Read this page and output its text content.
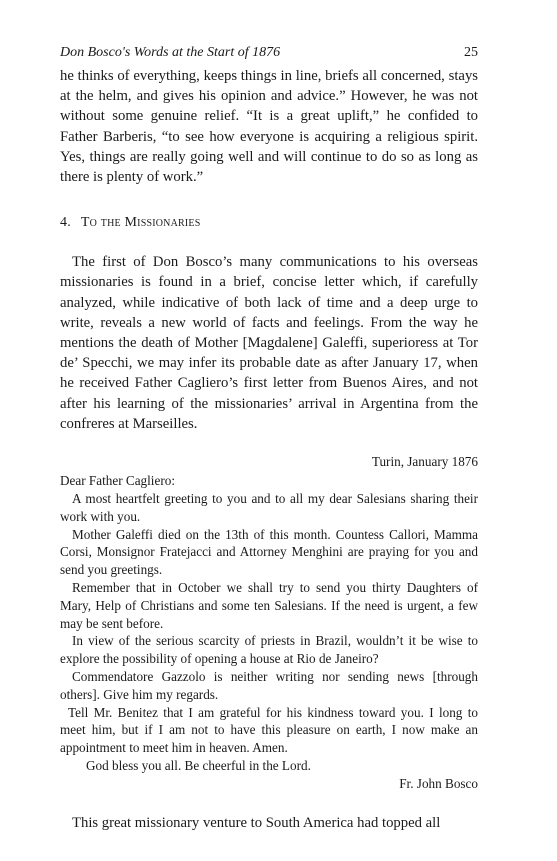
Don Bosco's Words at the Start of 1876	25

he thinks of everything, keeps things in line, briefs all concerned, stays at the helm, and gives his opinion and advice.” However, he was not without some genuine relief. “It is a great uplift,” he confided to Father Barberis, “to see how everyone is acquiring a religious spirit. Yes, things are really going well and will continue to do so as long as there is plenty of work.”

4. To the Missionaries

The first of Don Bosco’s many communications to his overseas missionaries is found in a brief, concise letter which, if carefully analyzed, while indicative of both lack of time and a deep urge to write, reveals a new world of facts and feelings. From the way he mentions the death of Mother [Magdalene] Galeffi, superioress at Tor de’ Specchi, we may infer its probable date as after January 17, when he received Father Cagliero’s first letter from Buenos Aires, and not after his learning of the missionaries’ arrival in Argentina from the confreres at Marseilles.

Turin, January 1876

Dear Father Cagliero:

A most heartfelt greeting to you and to all my dear Salesians sharing their work with you.

Mother Galeffi died on the 13th of this month. Countess Callori, Mamma Corsi, Monsignor Fratejacci and Attorney Menghini are praying for you and send you greetings.

Remember that in October we shall try to send you thirty Daughters of Mary, Help of Christians and some ten Salesians. If the need is urgent, a few may be sent before.

In view of the serious scarcity of priests in Brazil, wouldn’t it be wise to explore the possibility of opening a house at Rio de Janeiro?

Commendatore Gazzolo is neither writing nor sending news [through others]. Give him my regards.

Tell Mr. Benitez that I am grateful for his kindness toward you. I long to meet him, but if I am not to have this pleasure on earth, I now make an appointment to meet him in heaven. Amen.

God bless you all. Be cheerful in the Lord.

Fr. John Bosco

This great missionary venture to South America had topped all
